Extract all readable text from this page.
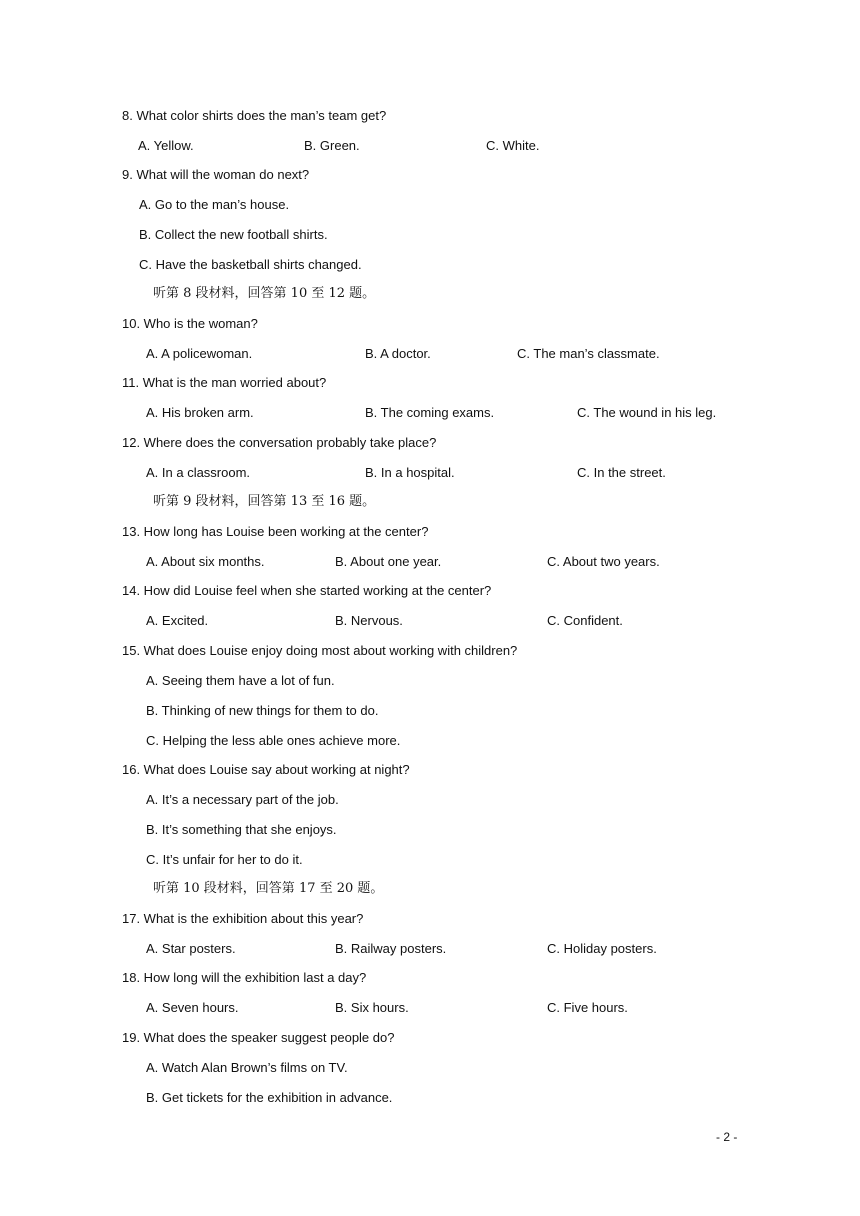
8. What color shirts does the man’s team get?
A. Yellow.	B. Green.	C. White.
9. What will the woman do next?
A. Go to the man’s house.
B. Collect the new football shirts.
C. Have the basketball shirts changed.
听第 8 段材料，回答第 10 至 12 题。
10. Who is the woman?
A. A policewoman.	B. A doctor.	C. The man’s classmate.
11. What is the man worried about?
A. His broken arm.	B. The coming exams.	C. The wound in his leg.
12. Where does the conversation probably take place?
A. In a classroom.	B. In a hospital.	C. In the street.
听第 9 段材料，回答第 13 至 16 题。
13. How long has Louise been working at the center?
A. About six months.	B. About one year.	C. About two years.
14. How did Louise feel when she started working at the center?
A. Excited.	B. Nervous.	C. Confident.
15. What does Louise enjoy doing most about working with children?
A. Seeing them have a lot of fun.
B. Thinking of new things for them to do.
C. Helping the less able ones achieve more.
16. What does Louise say about working at night?
A. It’s a necessary part of the job.
B. It’s something that she enjoys.
C. It’s unfair for her to do it.
听第 10 段材料，回答第 17 至 20 题。
17. What is the exhibition about this year?
A. Star posters.	B. Railway posters.	C. Holiday posters.
18. How long will the exhibition last a day?
A. Seven hours.	B. Six hours.	C. Five hours.
19. What does the speaker suggest people do?
A. Watch Alan Brown’s films on TV.
B. Get tickets for the exhibition in advance.
- 2 -
